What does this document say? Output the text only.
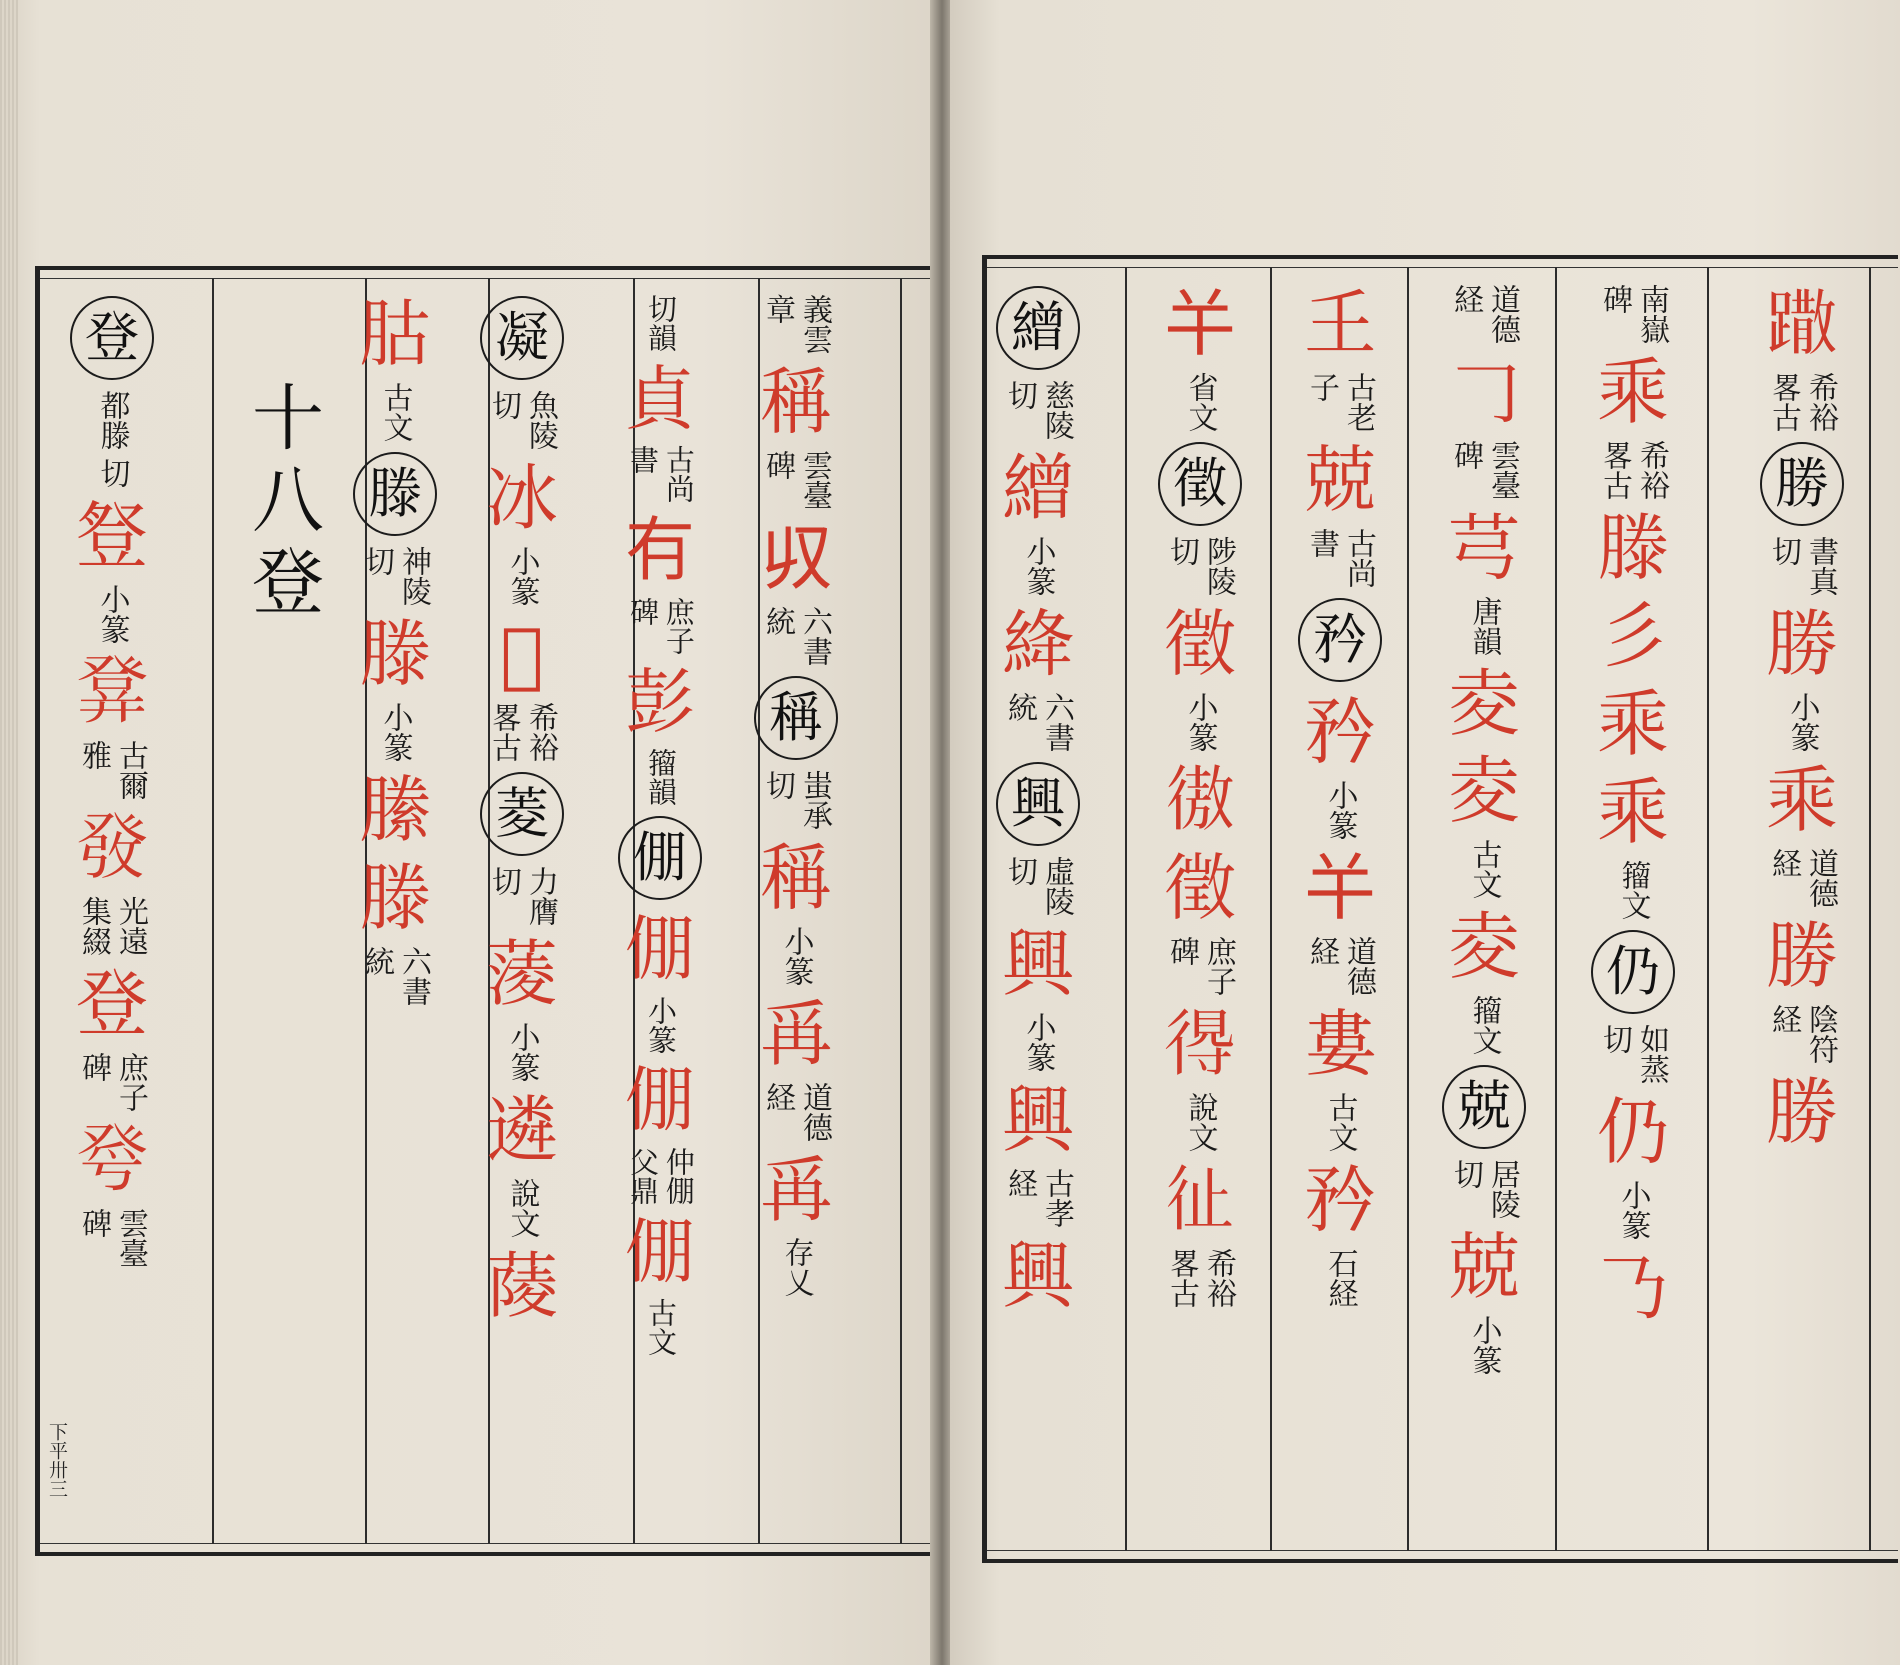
十八登
下平卅三
登
都滕
切
豋
小篆
𤼷
古爾
雅
𤼲
光遠
集綴
登
庶子
碑
𤼮
雲臺
碑
𦙶
古文
滕
神陵
切
滕
小篆
縢
滕
六書
統
凝
魚陵
切
冰
小篆
𠗰
希裕
畧古
菱
力膺
切
蔆
小篆
遴
說文
䔖
切韻
貞
古尚
書
𠕆
庶子
碑
彭
籀韻
倗
倗
小篆
倗
仲倗
父鼎
倗
古文
義雲
章
稱
雲臺
碑
𠬞
六書
統
稱
蚩承
切
稱
小篆
爯
道德
経
爯
存乂
繒
慈陵
切
繒
小篆
絳
六書
統
興
虛陵
切
興
小篆
興
古孝
経
興
𢆉
省文
徵
陟陵
切
徵
小篆
𢕟
徵
庶子
碑
𢔶
說文
𢓊
希裕
畧古
𡈼
古老
子
兢
古尚
書
矜
矜
小篆
𢆉
道德
経
婁
古文
矜
石経
道德
経
𠃌
雲臺
碑
芎
唐韻
夌
夌
古文
夌
籀文
兢
居陵
切
兢
小篆
南嶽
碑
乘
希裕
畧古
滕
彡
乘
乘
籀文
仍
如蒸
切
仍
小篆
𠄎
𨅖
希裕
畧古
勝
書真
切
勝
小篆
乘
道德
経
勝
陰符
経
勝
